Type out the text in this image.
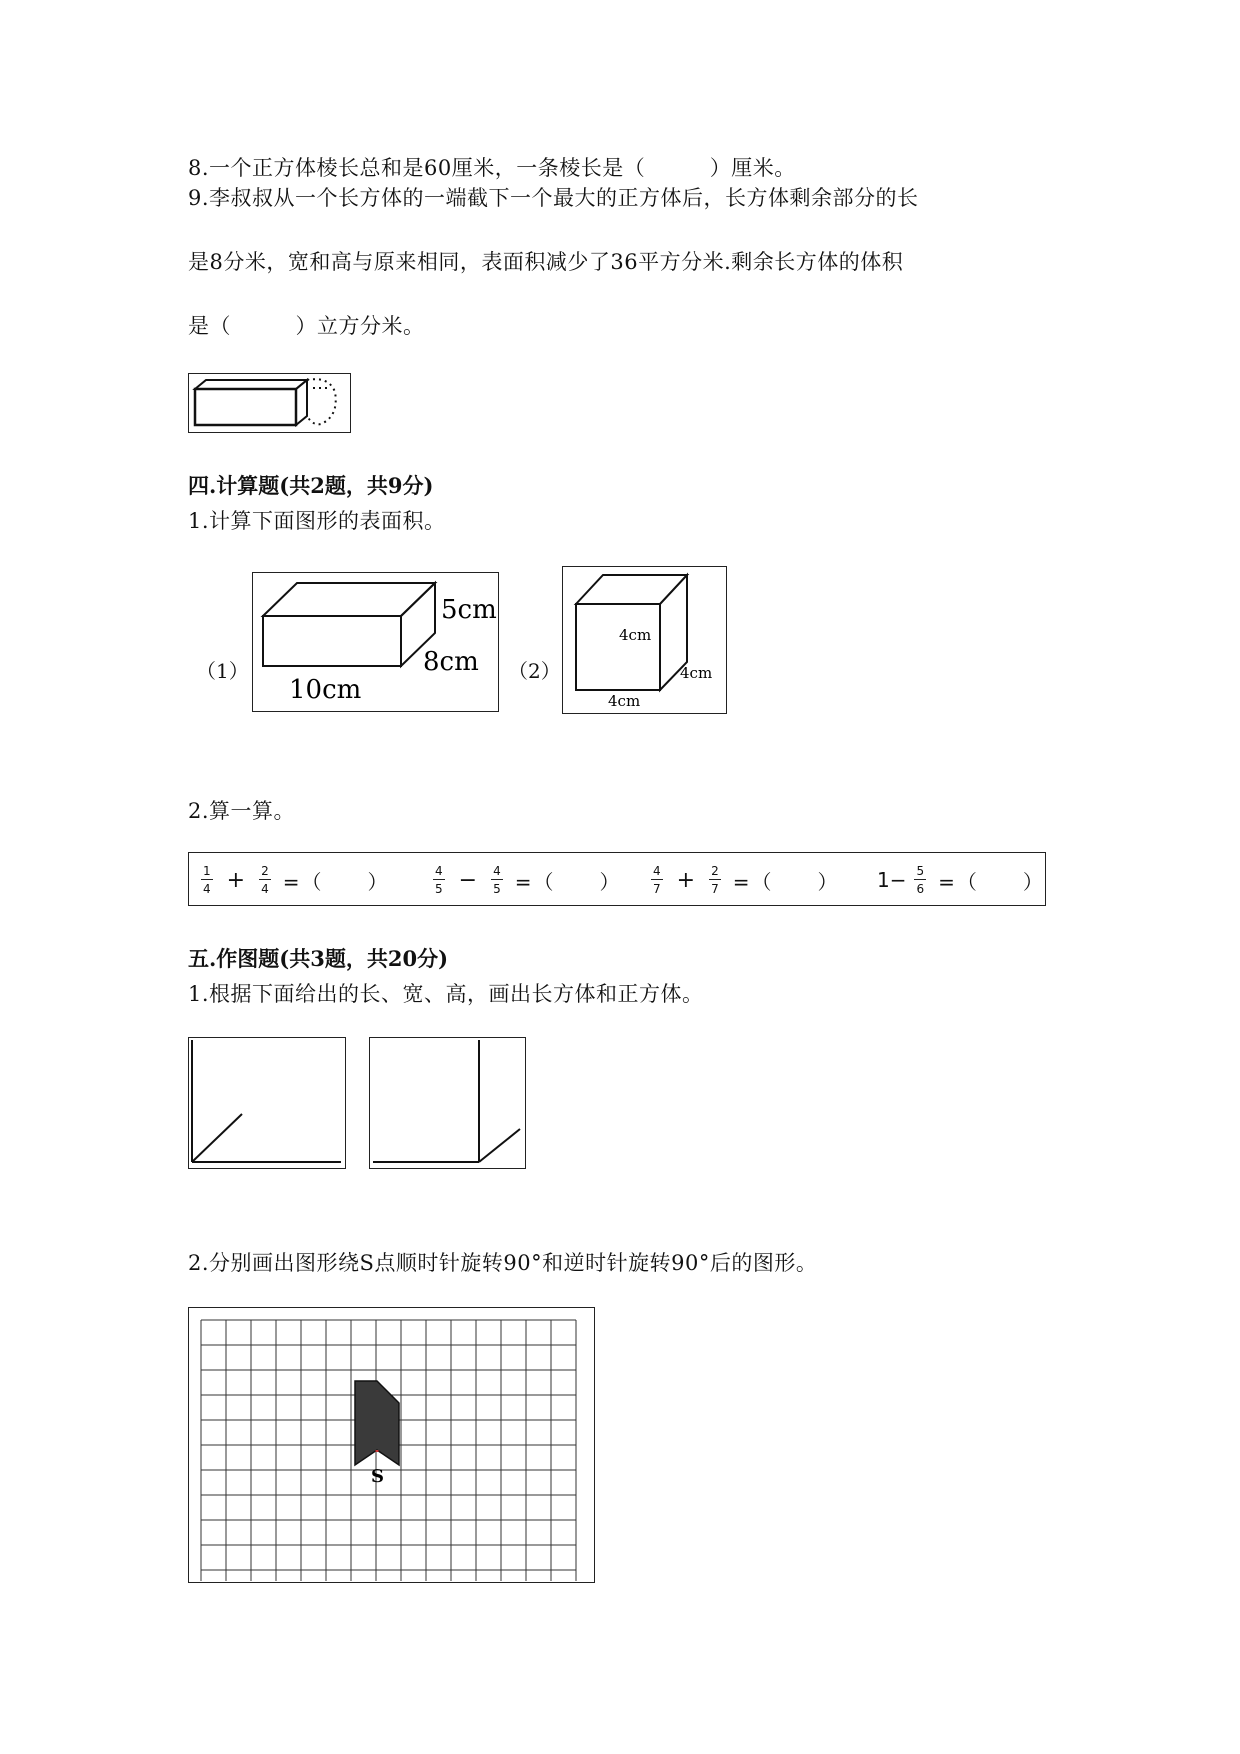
8.一个正方体棱长总和是60厘米，一条棱长是（　　　）厘米。
9.李叔叔从一个长方体的一端截下一个最大的正方体后，长方体剩余部分的长
是8分米，宽和高与原来相同，表面积减少了36平方分米.剩余长方体的体积
是（　　　）立方分米。
四.计算题(共2题，共9分)
1.计算下面图形的表面积。
（1）
5cm
8cm
10cm
（2）
4cm
4cm
4cm
2.算一算。
$\frac{1}{4} + \frac{2}{4}$ =（　　）	$\frac{4}{5} - \frac{4}{5}$ =（　　） $\frac{4}{7} + \frac{2}{7}$ =（　　） $1- \frac{5}{6}$ =（　　）
五.作图题(共3题，共20分)
1.根据下面给出的长、宽、高，画出长方体和正方体。
2.分别画出图形绕S点顺时针旋转90°和逆时针旋转90°后的图形。
S
